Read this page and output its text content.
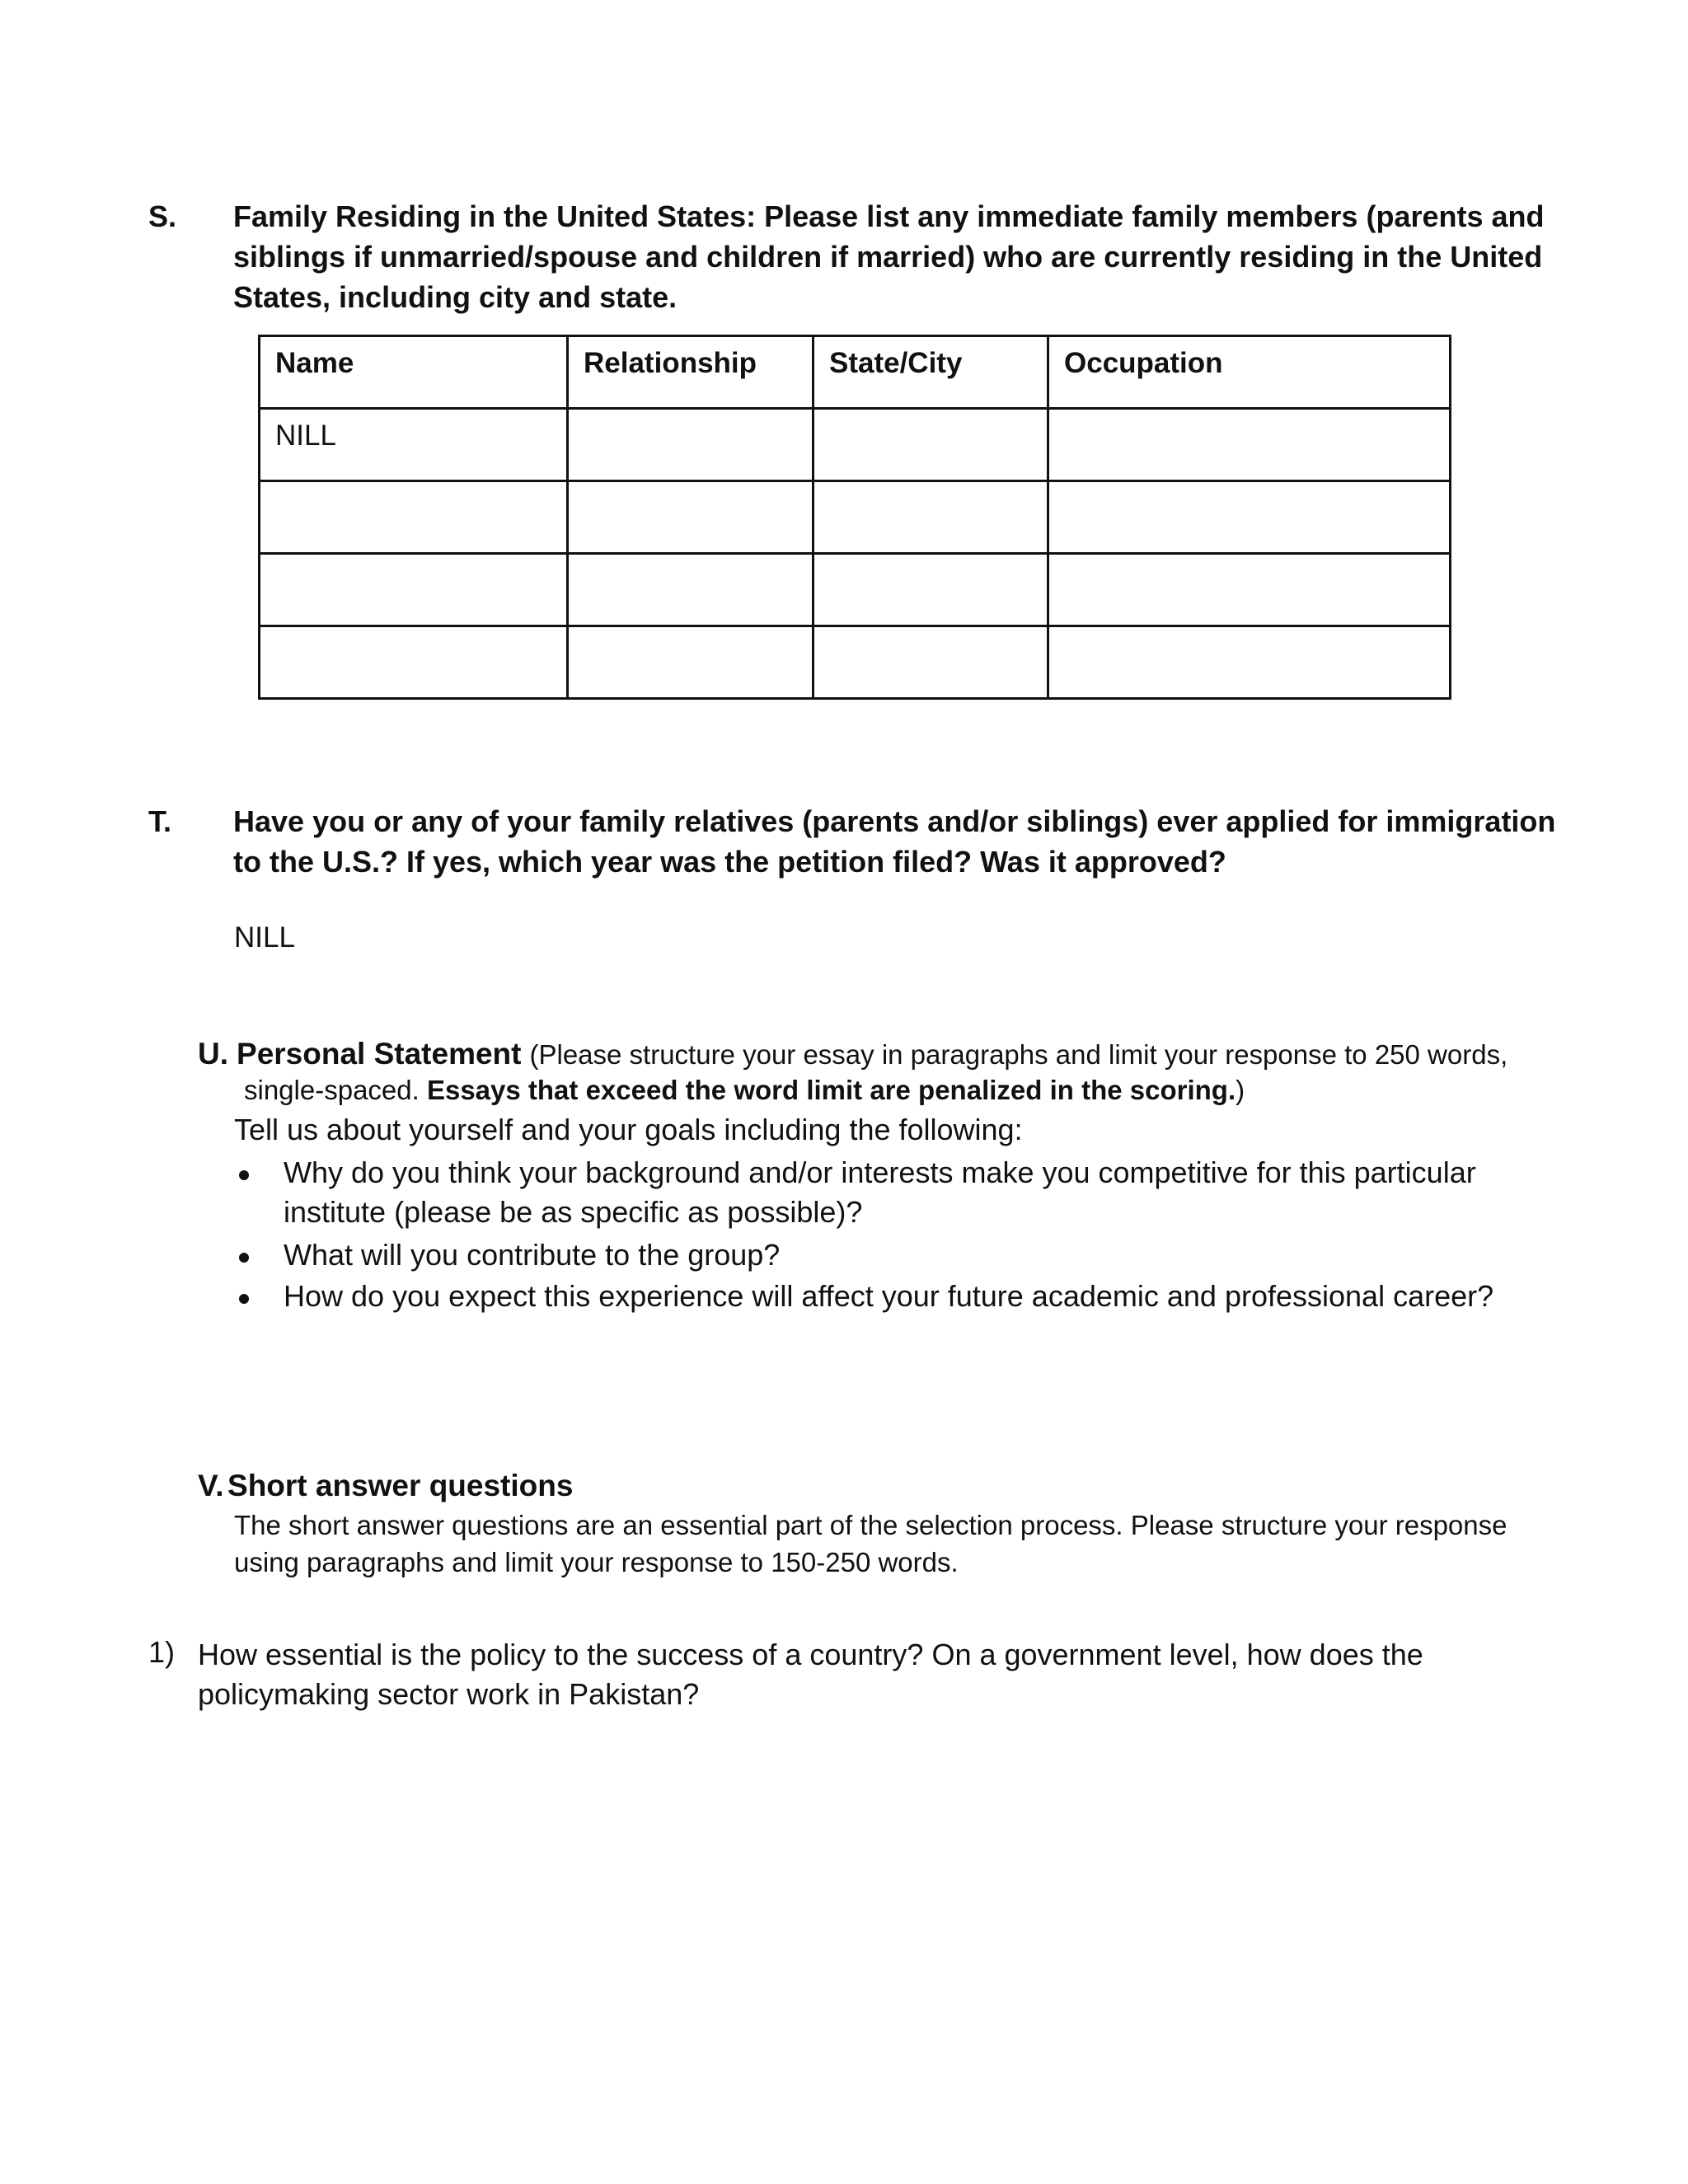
S. Family Residing in the United States: Please list any immediate family members (parents and
siblings if unmarried/spouse and children if married) who are currently residing in the United
States, including city and state.
Name	Relationship	State/City	Occupation
NILL			

T. Have you or any of your family relatives (parents and/or siblings) ever applied for immigration
to the U.S.? If yes, which year was the petition filed? Was it approved?
NILL
U. Personal Statement (Please structure your essay in paragraphs and limit your response to 250 words,
single-spaced. Essays that exceed the word limit are penalized in the scoring.)
Tell us about yourself and your goals including the following:
Why do you think your background and/or interests make you competitive for this particular
institute (please be as specific as possible)?
What will you contribute to the group?
How do you expect this experience will affect your future academic and professional career?
V. Short answer questions
The short answer questions are an essential part of the selection process. Please structure your response
using paragraphs and limit your response to 150-250 words.
1) How essential is the policy to the success of a country? On a government level, how does the
policymaking sector work in Pakistan?
